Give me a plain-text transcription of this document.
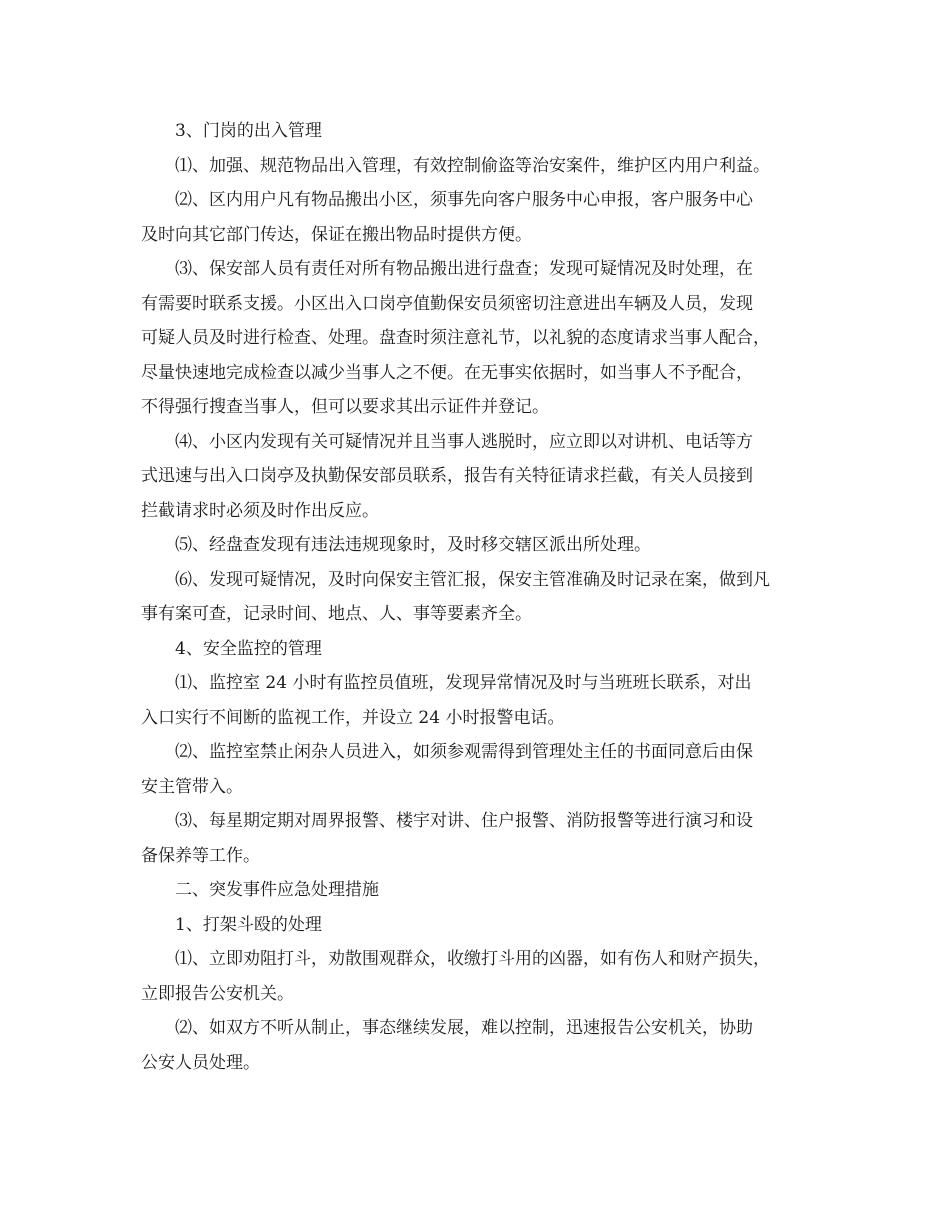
3、门岗的出入管理
⑴、加强、规范物品出入管理，有效控制偷盗等治安案件，维护区内用户利益。
⑵、区内用户凡有物品搬出小区，须事先向客户服务中心申报，客户服务中心
及时向其它部门传达，保证在搬出物品时提供方便。
⑶、保安部人员有责任对所有物品搬出进行盘查；发现可疑情况及时处理，在
有需要时联系支援。小区出入口岗亭值勤保安员须密切注意进出车辆及人员，发现
可疑人员及时进行检查、处理。盘查时须注意礼节，以礼貌的态度请求当事人配合，
尽量快速地完成检查以减少当事人之不便。在无事实依据时，如当事人不予配合，
不得强行搜查当事人，但可以要求其出示证件并登记。
⑷、小区内发现有关可疑情况并且当事人逃脱时，应立即以对讲机、电话等方
式迅速与出入口岗亭及执勤保安部员联系，报告有关特征请求拦截，有关人员接到
拦截请求时必须及时作出反应。
⑸、经盘查发现有违法违规现象时，及时移交辖区派出所处理。
⑹、发现可疑情况，及时向保安主管汇报，保安主管准确及时记录在案，做到凡
事有案可查，记录时间、地点、人、事等要素齐全。
4、安全监控的管理
⑴、监控室 24 小时有监控员值班，发现异常情况及时与当班班长联系，对出
入口实行不间断的监视工作，并设立 24 小时报警电话。
⑵、监控室禁止闲杂人员进入，如须参观需得到管理处主任的书面同意后由保
安主管带入。
⑶、每星期定期对周界报警、楼宇对讲、住户报警、消防报警等进行演习和设
备保养等工作。
二、突发事件应急处理措施
1、打架斗殴的处理
⑴、立即劝阻打斗，劝散围观群众，收缴打斗用的凶器，如有伤人和财产损失，
立即报告公安机关。
⑵、如双方不听从制止，事态继续发展，难以控制，迅速报告公安机关，协助
公安人员处理。
